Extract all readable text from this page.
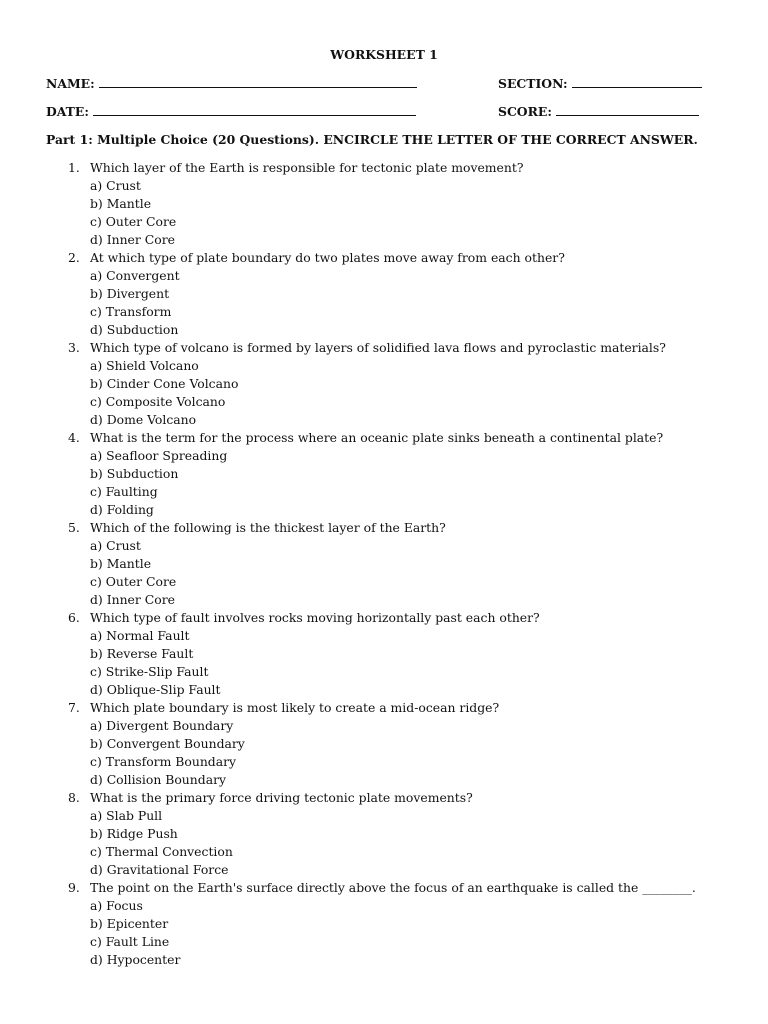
WORKSHEET 1
NAME:	SECTION:
DATE:	SCORE:
Part 1: Multiple Choice (20 Questions). ENCIRCLE THE LETTER OF THE CORRECT ANSWER.
1. Which layer of the Earth is responsible for tectonic plate movement?
a) Crust
b) Mantle
c) Outer Core
d) Inner Core
2. At which type of plate boundary do two plates move away from each other?
a) Convergent
b) Divergent
c) Transform
d) Subduction
3. Which type of volcano is formed by layers of solidified lava flows and pyroclastic materials?
a) Shield Volcano
b) Cinder Cone Volcano
c) Composite Volcano
d) Dome Volcano
4. What is the term for the process where an oceanic plate sinks beneath a continental plate?
a) Seafloor Spreading
b) Subduction
c) Faulting
d) Folding
5. Which of the following is the thickest layer of the Earth?
a) Crust
b) Mantle
c) Outer Core
d) Inner Core
6. Which type of fault involves rocks moving horizontally past each other?
a) Normal Fault
b) Reverse Fault
c) Strike-Slip Fault
d) Oblique-Slip Fault
7. Which plate boundary is most likely to create a mid-ocean ridge?
a) Divergent Boundary
b) Convergent Boundary
c) Transform Boundary
d) Collision Boundary
8. What is the primary force driving tectonic plate movements?
a) Slab Pull
b) Ridge Push
c) Thermal Convection
d) Gravitational Force
9. The point on the Earth's surface directly above the focus of an earthquake is called the ________.
a) Focus
b) Epicenter
c) Fault Line
d) Hypocenter
